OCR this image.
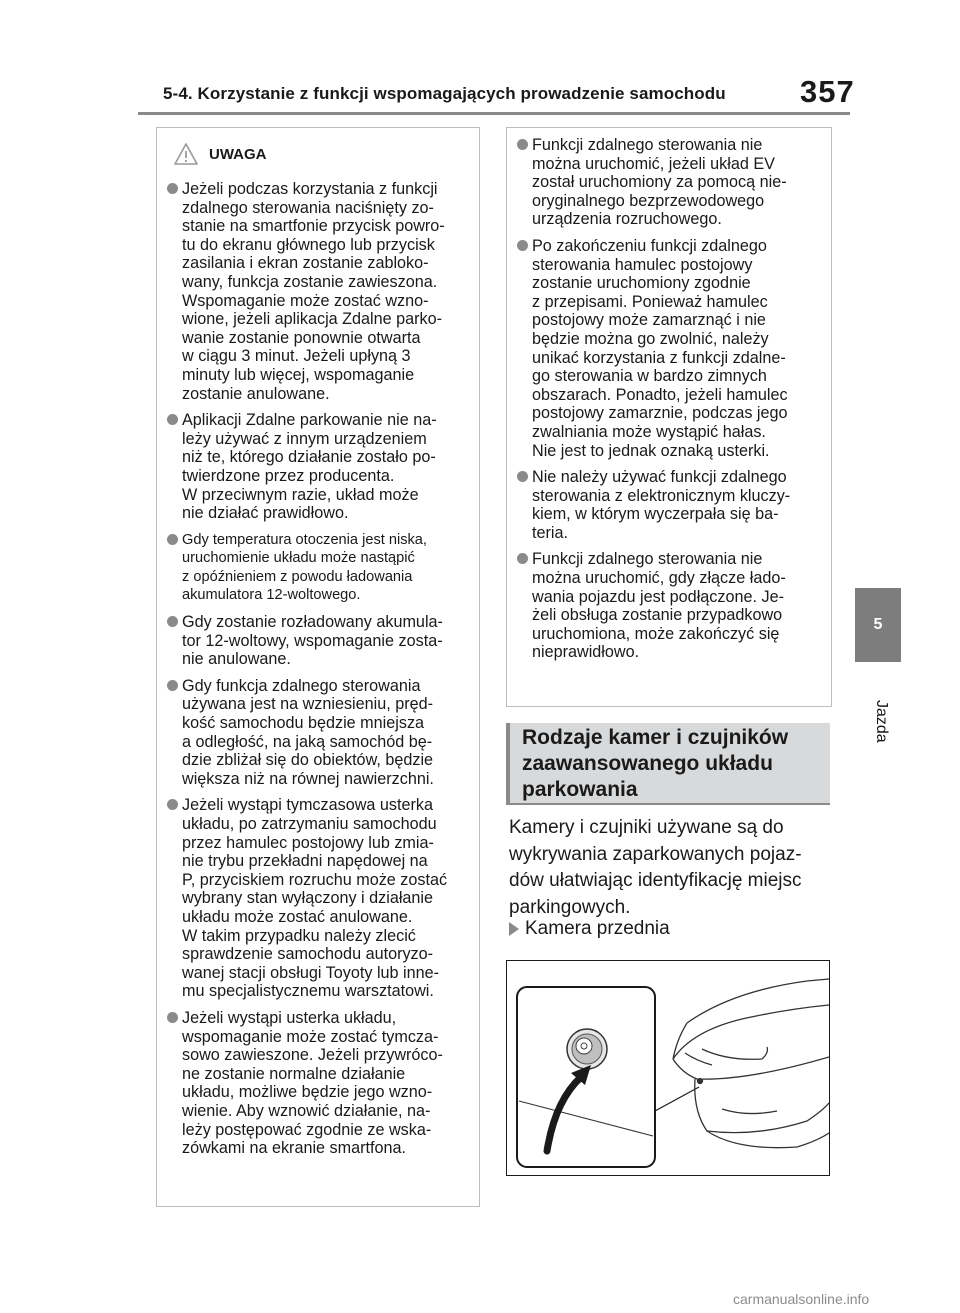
5-4. Korzystanie z funkcji wspomagających prowadzenie samochodu 357
5
Jazda
UWAGA
Jeżeli podczas korzystania z funkcji
zdalnego sterowania naciśnięty zo-
stanie na smartfonie przycisk powro-
tu do ekranu głównego lub przycisk
zasilania i ekran zostanie zabloko-
wany, funkcja zostanie zawieszona.
Wspomaganie może zostać wzno-
wione, jeżeli aplikacja Zdalne parko-
wanie zostanie ponownie otwarta
w ciągu 3 minut. Jeżeli upłyną 3
minuty lub więcej, wspomaganie
zostanie anulowane.
Aplikacji Zdalne parkowanie nie na-
leży używać z innym urządzeniem
niż te, którego działanie zostało po-
twierdzone przez producenta.
W przeciwnym razie, układ może
nie działać prawidłowo.
Gdy temperatura otoczenia jest niska,
uruchomienie układu może nastąpić
z opóźnieniem z powodu ładowania
akumulatora 12-woltowego.
Gdy zostanie rozładowany akumula-
tor 12-woltowy, wspomaganie zosta-
nie anulowane.
Gdy funkcja zdalnego sterowania
używana jest na wzniesieniu, pręd-
kość samochodu będzie mniejsza
a odległość, na jaką samochód bę-
dzie zbliżał się do obiektów, będzie
większa niż na równej nawierzchni.
Jeżeli wystąpi tymczasowa usterka
układu, po zatrzymaniu samochodu
przez hamulec postojowy lub zmia-
nie trybu przekładni napędowej na
P, przyciskiem rozruchu może zostać
wybrany stan wyłączony i działanie
układu może zostać anulowane.
W takim przypadku należy zlecić
sprawdzenie samochodu autoryzo-
wanej stacji obsługi Toyoty lub inne-
mu specjalistycznemu warsztatowi.
Jeżeli wystąpi usterka układu,
wspomaganie może zostać tymcza-
sowo zawieszone. Jeżeli przywróco-
ne zostanie normalne działanie
układu, możliwe będzie jego wzno-
wienie. Aby wznowić działanie, na-
leży postępować zgodnie ze wska-
zówkami na ekranie smartfona.
Funkcji zdalnego sterowania nie
można uruchomić, jeżeli układ EV
został uruchomiony za pomocą nie-
oryginalnego bezprzewodowego
urządzenia rozruchowego.
Po zakończeniu funkcji zdalnego
sterowania hamulec postojowy
zostanie uruchomiony zgodnie
z przepisami. Ponieważ hamulec
postojowy może zamarznąć i nie
będzie można go zwolnić, należy
unikać korzystania z funkcji zdalne-
go sterowania w bardzo zimnych
obszarach. Ponadto, jeżeli hamulec
postojowy zamarznie, podczas jego
zwalniania może wystąpić hałas.
Nie jest to jednak oznaką usterki.
Nie należy używać funkcji zdalnego
sterowania z elektronicznym kluczy-
kiem, w którym wyczerpała się ba-
teria.
Funkcji zdalnego sterowania nie
można uruchomić, gdy złącze łado-
wania pojazdu jest podłączone. Je-
żeli obsługa zostanie przypadkowo
uruchomiona, może zakończyć się
nieprawidłowo.
Rodzaje kamer i czujników
zaawansowanego układu
parkowania
Kamery i czujniki używane są do
wykrywania zaparkowanych pojaz-
dów ułatwiając identyfikację miejsc
parkingowych.
Kamera przednia
carmanualsonline.info
